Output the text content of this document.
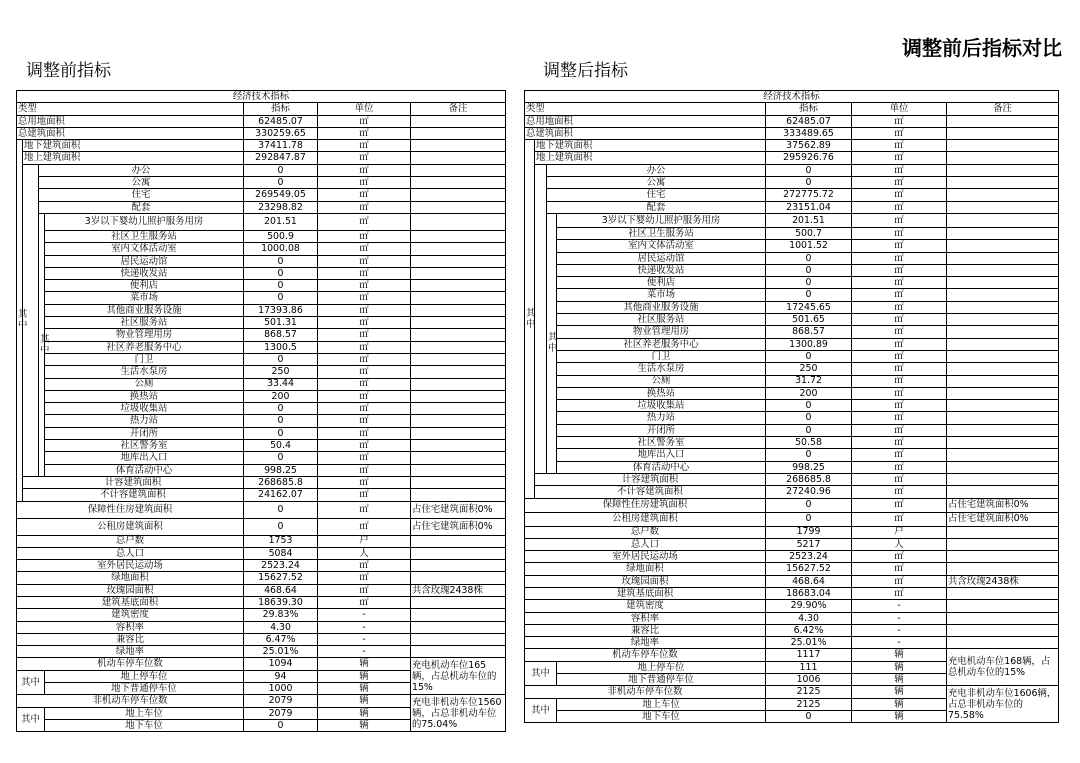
调整前后指标对比
调整前指标	调整后指标
经济技术指标						
类型				指标	单位	备注
总用地面积				62485.07	㎡	
总建筑面积				330259.65	㎡	
其中	地下建筑面积			37411.78	㎡	
	地上建筑面积			292847.87	㎡	
		办公		0	㎡	
		公寓		0	㎡	
		住宅		269549.05	㎡	
		配套		23298.82	㎡	
		其中	3岁以下婴幼儿照护服务用房	201.51	㎡	
			社区卫生服务站	500.9	㎡	
			室内文体活动室	1000.08	㎡	
			居民运动馆	0	㎡	
			快递收发站	0	㎡	
			便利店	0	㎡	
			菜市场	0	㎡	
			其他商业服务设施	17393.86	㎡	
			社区服务站	501.31	㎡	
			物业管理用房	868.57	㎡	
			社区养老服务中心	1300.5	㎡	
			门卫	0	㎡	
			生活水泵房	250	㎡	
			公厕	33.44	㎡	
			换热站	200	㎡	
			垃圾收集站	0	㎡	
			热力站	0	㎡	
			开闭所	0	㎡	
			社区警务室	50.4	㎡	
			地库出入口	0	㎡	
			体育活动中心	998.25	㎡	
	计容建筑面积			268685.8	㎡	
	不计容建筑面积			24162.07	㎡	
保障性住房建筑面积				0	㎡	占住宅建筑面积0%
公租房建筑面积				0	㎡	占住宅建筑面积0%
总户数				1753	户	
总人口				5084	人	
室外居民运动场				2523.24	㎡	
绿地面积				15627.52	㎡	
玫瑰园面积				468.64	㎡	共含玫瑰2438株
建筑基底面积				18639.30	㎡	
建筑密度				29.83%	-	
容积率				4.30	-	
兼容比				6.47%	-	
绿地率				25.01%	-	
机动车停车位数				1094	辆	充电机动车位165辆，占总机动车位的15%
其中			地上停车位	94	辆	
			地下普通停车位	1000	辆	
非机动车停车位数				2079	辆	充电非机动车位1560辆，占总非机动车位的75.04%
其中			地上车位	2079	辆	
			地下车位	0	辆	
经济技术指标						
类型				指标	单位	备注
总用地面积				62485.07	㎡	
总建筑面积				333489.65	㎡	
其中	地下建筑面积			37562.89	㎡	
	地上建筑面积			295926.76	㎡	
		办公		0	㎡	
		公寓		0	㎡	
		住宅		272775.72	㎡	
		配套		23151.04	㎡	
		其中	3岁以下婴幼儿照护服务用房	201.51	㎡	
			社区卫生服务站	500.7	㎡	
			室内文体活动室	1001.52	㎡	
			居民运动馆	0	㎡	
			快递收发站	0	㎡	
			便利店	0	㎡	
			菜市场	0	㎡	
			其他商业服务设施	17245.65	㎡	
			社区服务站	501.65	㎡	
			物业管理用房	868.57	㎡	
			社区养老服务中心	1300.89	㎡	
			门卫	0	㎡	
			生活水泵房	250	㎡	
			公厕	31.72	㎡	
			换热站	200	㎡	
			垃圾收集站	0	㎡	
			热力站	0	㎡	
			开闭所	0	㎡	
			社区警务室	50.58	㎡	
			地库出入口	0	㎡	
			体育活动中心	998.25	㎡	
	计容建筑面积			268685.8	㎡	
	不计容建筑面积			27240.96	㎡	
保障性住房建筑面积				0	㎡	占住宅建筑面积0%
公租房建筑面积				0	㎡	占住宅建筑面积0%
总户数				1799	户	
总人口				5217	人	
室外居民运动场				2523.24	㎡	
绿地面积				15627.52	㎡	
玫瑰园面积				468.64	㎡	共含玫瑰2438株
建筑基底面积				18683.04	㎡	
建筑密度				29.90%	-	
容积率				4.30	-	
兼容比				6.42%	-	
绿地率				25.01%	-	
机动车停车位数				1117	辆	充电机动车位168辆，占总机动车位的15%
其中			地上停车位	111	辆	
			地下普通停车位	1006	辆	
非机动车停车位数				2125	辆	充电非机动车位1606辆，占总非机动车位的75.58%
其中			地上车位	2125	辆	
			地下车位	0	辆	
